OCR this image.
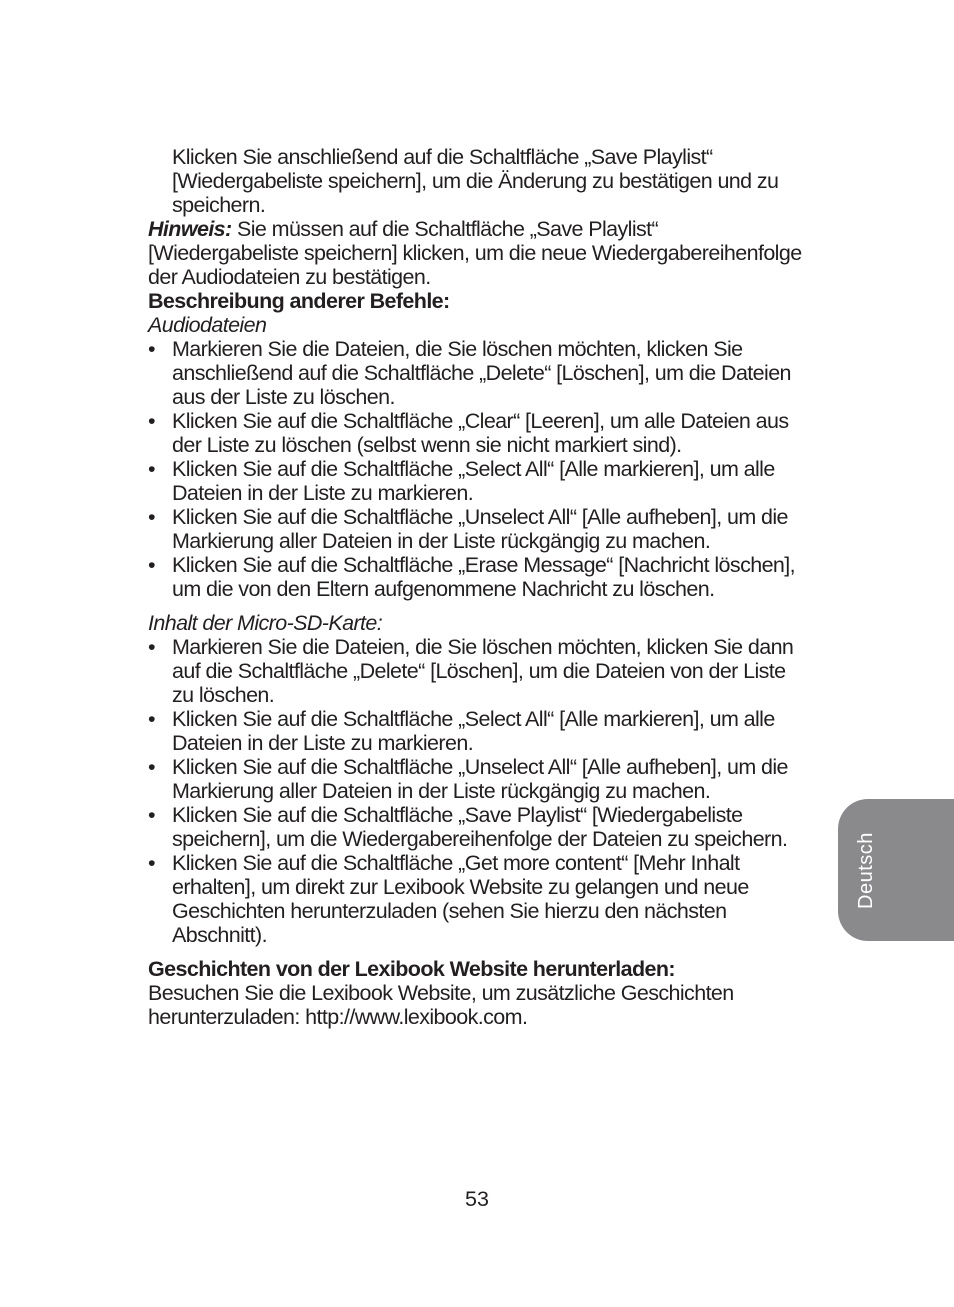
Klicken Sie anschließend auf die Schaltfläche „Save Playlist“ [Wiedergabeliste speichern], um die Änderung zu bestätigen und zu speichern.

Hinweis: Sie müssen auf die Schaltfläche „Save Playlist“ [Wiedergabeliste speichern] klicken, um die neue Wiedergabereihenfolge der Audiodateien zu bestätigen.

Beschreibung anderer Befehle:

Audiodateien

• Markieren Sie die Dateien, die Sie löschen möchten, klicken Sie anschließend auf die Schaltfläche „Delete“ [Löschen], um die Dateien aus der Liste zu löschen.
• Klicken Sie auf die Schaltfläche „Clear“ [Leeren], um alle Dateien aus der Liste zu löschen (selbst wenn sie nicht markiert sind).
• Klicken Sie auf die Schaltfläche „Select All“ [Alle markieren], um alle Dateien in der Liste zu markieren.
• Klicken Sie auf die Schaltfläche „Unselect All“ [Alle aufheben], um die Markierung aller Dateien in der Liste rückgängig zu machen.
• Klicken Sie auf die Schaltfläche „Erase Message“ [Nachricht löschen], um die von den Eltern aufgenommene Nachricht zu löschen.

Inhalt der Micro-SD-Karte:

• Markieren Sie die Dateien, die Sie löschen möchten, klicken Sie dann auf die Schaltfläche „Delete“ [Löschen], um die Dateien von der Liste zu löschen.
• Klicken Sie auf die Schaltfläche „Select All“ [Alle markieren], um alle Dateien in der Liste zu markieren.
• Klicken Sie auf die Schaltfläche „Unselect All“ [Alle aufheben], um die Markierung aller Dateien in der Liste rückgängig zu machen.
• Klicken Sie auf die Schaltfläche „Save Playlist“ [Wiedergabeliste speichern], um die Wiedergabereihenfolge der Dateien zu speichern.
• Klicken Sie auf die Schaltfläche „Get more content“ [Mehr Inhalt erhalten], um direkt zur Lexibook Website zu gelangen und neue Geschichten herunterzuladen (sehen Sie hierzu den nächsten Abschnitt).

Geschichten von der Lexibook Website herunterladen:

Besuchen Sie die Lexibook Website, um zusätzliche Geschichten herunterzuladen: http://www.lexibook.com.

53
Deutsch
